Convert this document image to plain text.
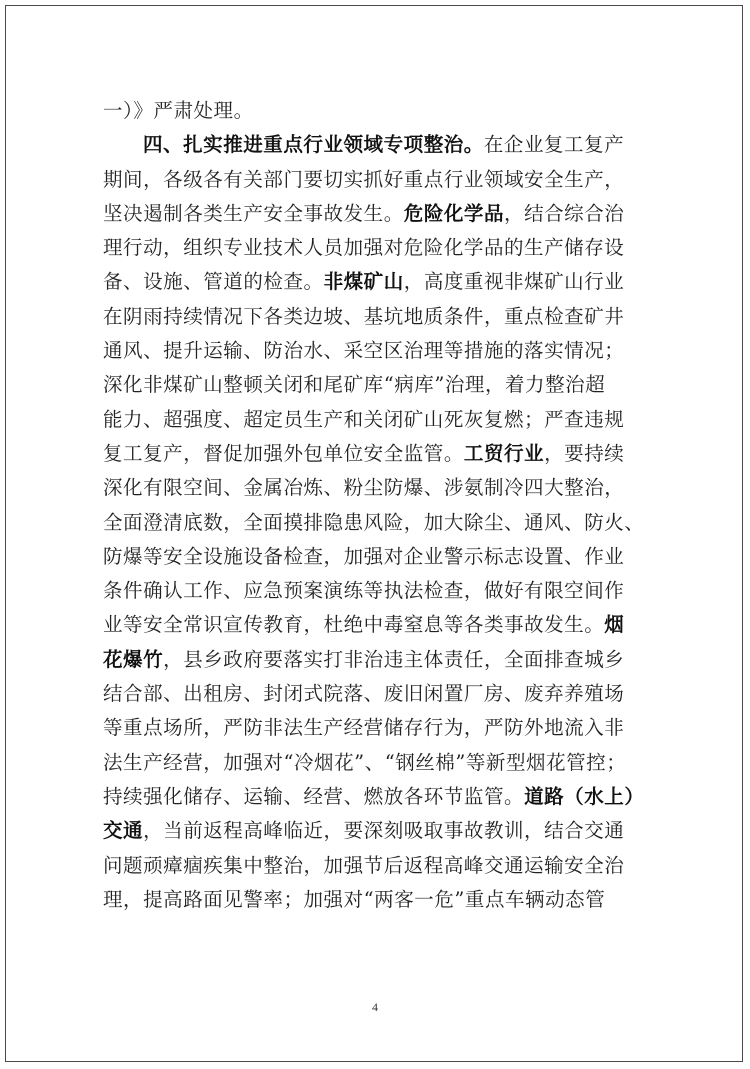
一）》严肃处理。
四、扎实推进重点行业领域专项整治。在企业复工复产
期间，各级各有关部门要切实抓好重点行业领域安全生产，
坚决遏制各类生产安全事故发生。危险化学品，结合综合治
理行动，组织专业技术人员加强对危险化学品的生产储存设
备、设施、管道的检查。非煤矿山，高度重视非煤矿山行业
在阴雨持续情况下各类边坡、基坑地质条件，重点检查矿井
通风、提升运输、防治水、采空区治理等措施的落实情况；
深化非煤矿山整顿关闭和尾矿库“病库”治理，着力整治超
能力、超强度、超定员生产和关闭矿山死灰复燃；严查违规
复工复产，督促加强外包单位安全监管。工贸行业，要持续
深化有限空间、金属冶炼、粉尘防爆、涉氨制冷四大整治，
全面澄清底数，全面摸排隐患风险，加大除尘、通风、防火、
防爆等安全设施设备检查，加强对企业警示标志设置、作业
条件确认工作、应急预案演练等执法检查，做好有限空间作
业等安全常识宣传教育，杜绝中毒窒息等各类事故发生。烟
花爆竹，县乡政府要落实打非治违主体责任，全面排查城乡
结合部、出租房、封闭式院落、废旧闲置厂房、废弃养殖场
等重点场所，严防非法生产经营储存行为，严防外地流入非
法生产经营，加强对“冷烟花”、“钢丝棉”等新型烟花管控；
持续强化储存、运输、经营、燃放各环节监管。道路（水上）
交通，当前返程高峰临近，要深刻吸取事故教训，结合交通
问题顽瘴痼疾集中整治，加强节后返程高峰交通运输安全治
理，提高路面见警率；加强对“两客一危”重点车辆动态管
4
